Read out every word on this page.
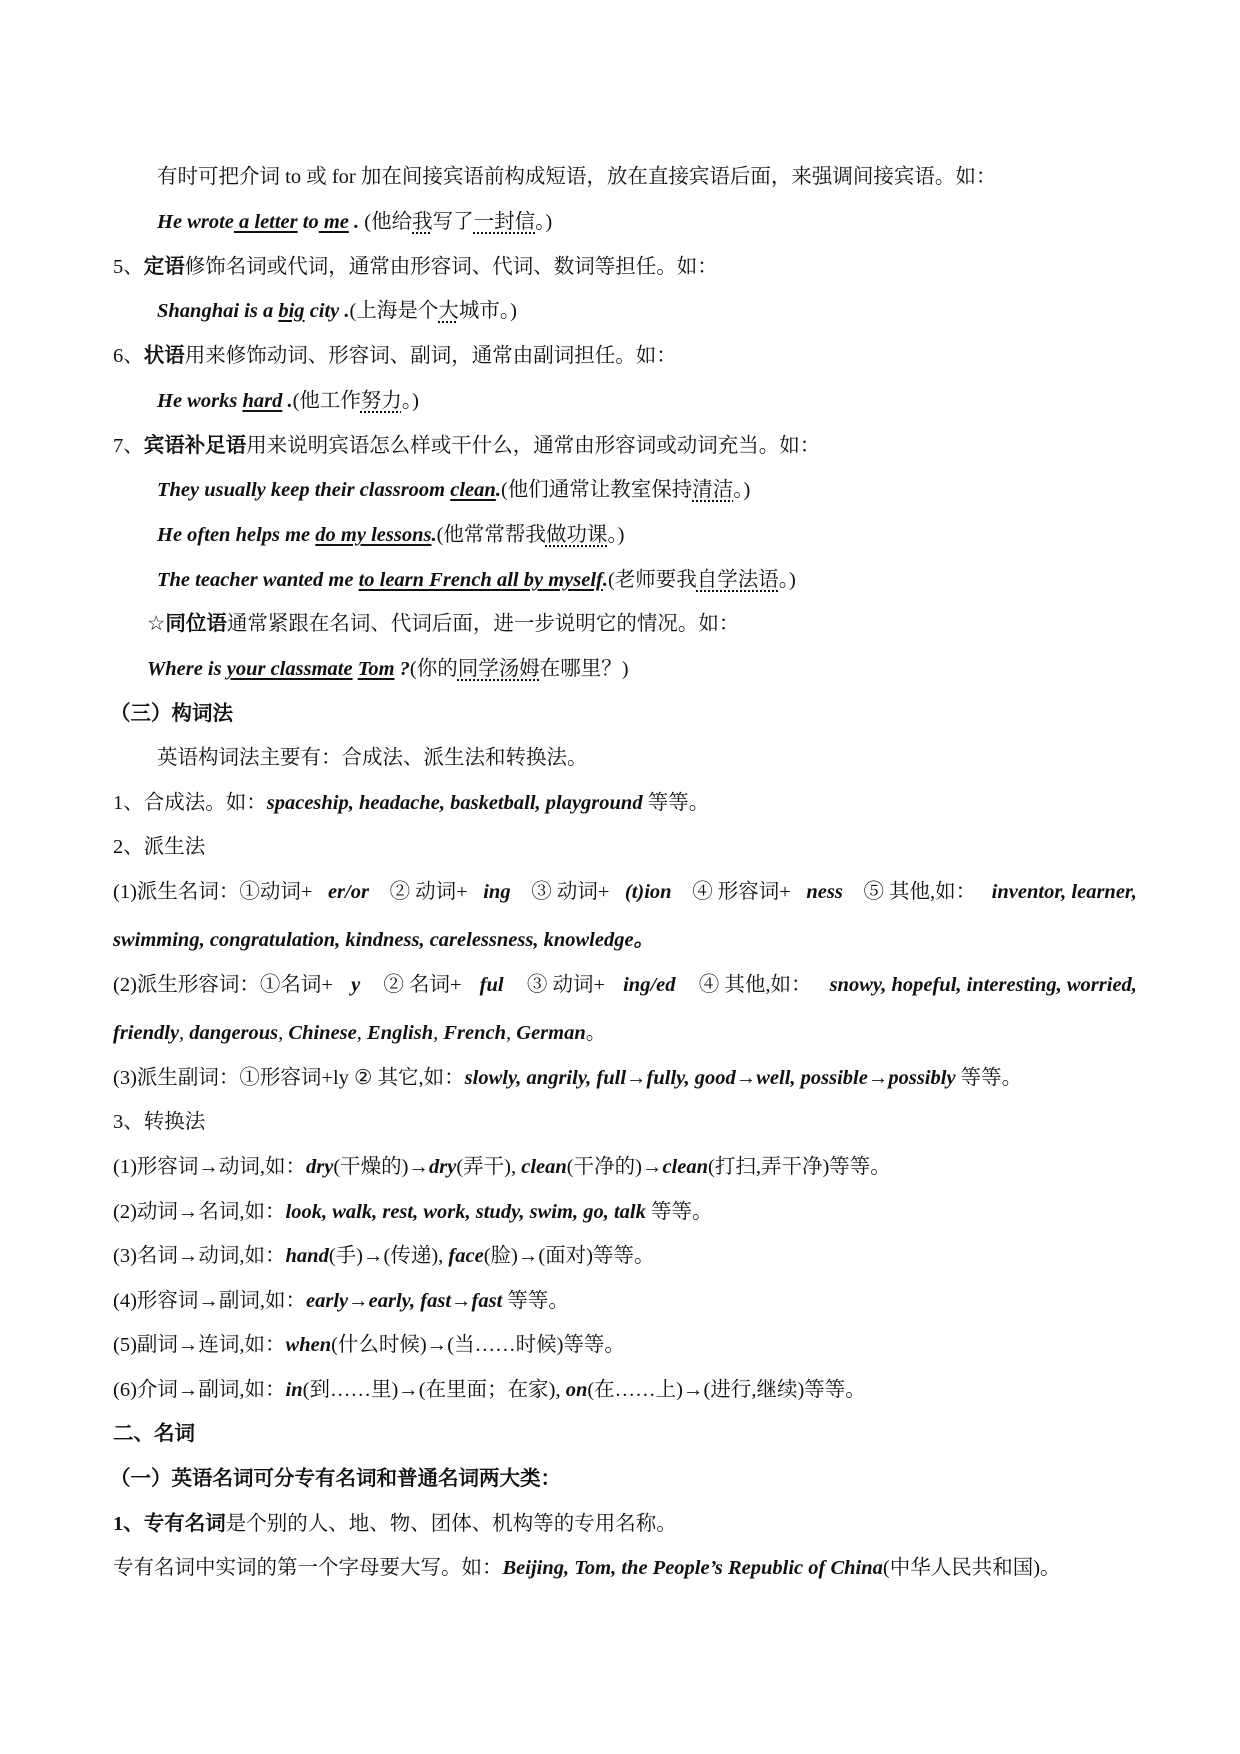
有时可把介词 to 或 for 加在间接宾语前构成短语，放在直接宾语后面，来强调间接宾语。如：
He wrote a letter to me . (他给我写了一封信。)
5、定语修饰名词或代词，通常由形容词、代词、数词等担任。如：
Shanghai is a big city .(上海是个大城市。)
6、状语用来修饰动词、形容词、副词，通常由副词担任。如：
He works hard .(他工作努力。)
7、宾语补足语用来说明宾语怎么样或干什么，通常由形容词或动词充当。如：
They usually keep their classroom clean.(他们通常让教室保持清洁。)
He often helps me do my lessons.(他常常帮我做功课。)
The teacher wanted me to learn French all by myself.(老师要我自学法语。)
☆同位语通常紧跟在名词、代词后面，进一步说明它的情况。如：
Where is your classmate Tom ?(你的同学汤姆在哪里？)
（三）构词法
英语构词法主要有：合成法、派生法和转换法。
1、合成法。如：spaceship, headache, basketball, playground 等等。
2、派生法
(1)派生名词：①动词+ er/or ② 动词+ ing ③ 动词+ (t)ion ④ 形容词+ ness ⑤ 其他,如： inventor, learner,
swimming, congratulation, kindness, carelessness, knowledge。
(2)派生形容词：①名词+ y ② 名词+ ful ③ 动词+ ing/ed ④ 其他,如： snowy, hopeful, interesting, worried,
friendly, dangerous, Chinese, English, French, German。
(3)派生副词：①形容词+ly ② 其它,如：slowly, angrily, full→fully, good→well, possible→possibly 等等。
3、转换法
(1)形容词→动词,如：dry(干燥的)→dry(弄干), clean(干净的)→clean(打扫,弄干净)等等。
(2)动词→名词,如：look, walk, rest, work, study, swim, go, talk 等等。
(3)名词→动词,如：hand(手)→(传递), face(脸)→(面对)等等。
(4)形容词→副词,如：early→early, fast→fast 等等。
(5)副词→连词,如：when(什么时候)→(当……时候)等等。
(6)介词→副词,如：in(到……里)→(在里面；在家), on(在……上)→(进行,继续)等等。
二、名词
（一）英语名词可分专有名词和普通名词两大类：
1、专有名词是个别的人、地、物、团体、机构等的专用名称。
专有名词中实词的第一个字母要大写。如：Beijing, Tom, the People’s Republic of China(中华人民共和国)。
